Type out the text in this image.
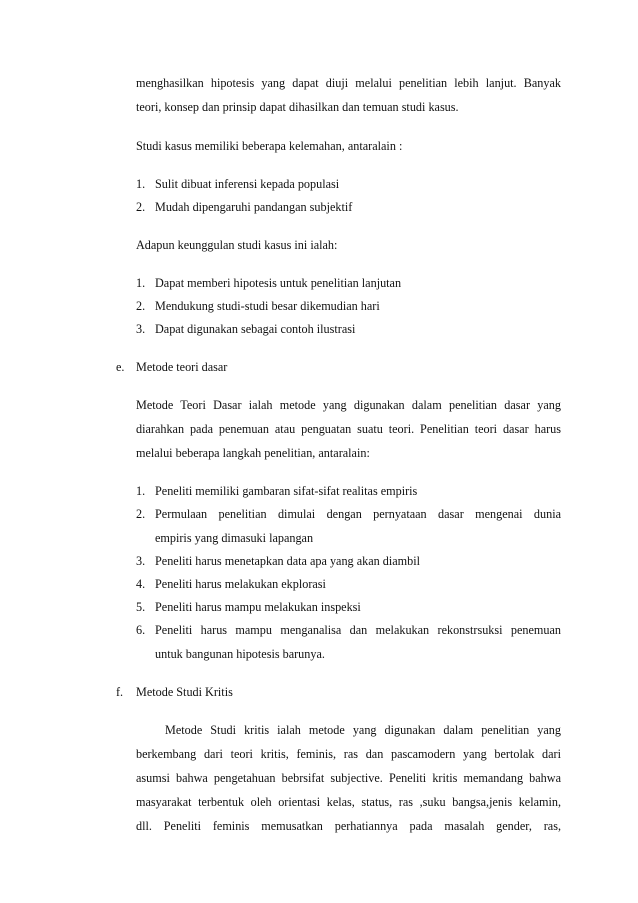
menghasilkan hipotesis yang dapat diuji melalui penelitian lebih lanjut. Banyak

teori, konsep dan prinsip dapat dihasilkan dan temuan studi kasus.

Studi kasus memiliki beberapa kelemahan, antaralain :

1. Sulit dibuat inferensi kepada populasi

2. Mudah dipengaruhi pandangan subjektif

Adapun keunggulan studi kasus ini ialah:

1. Dapat memberi hipotesis untuk penelitian lanjutan

2. Mendukung studi-studi besar dikemudian hari

3. Dapat digunakan sebagai contoh ilustrasi

e. Metode teori dasar

Metode Teori Dasar ialah metode yang digunakan dalam penelitian dasar yang

diarahkan pada penemuan atau penguatan suatu teori. Penelitian teori dasar harus

melalui beberapa langkah penelitian, antaralain:

1. Peneliti memiliki gambaran sifat-sifat realitas empiris

2. Permulaan penelitian dimulai dengan pernyataan dasar mengenai dunia

empiris yang dimasuki lapangan

3. Peneliti harus menetapkan data apa yang akan diambil

4. Peneliti harus melakukan ekplorasi

5. Peneliti harus mampu melakukan inspeksi

6. Peneliti harus mampu menganalisa dan melakukan rekonstrsuksi penemuan

untuk bangunan hipotesis barunya.

f. Metode Studi Kritis

Metode Studi kritis ialah metode yang digunakan dalam penelitian yang

berkembang dari teori kritis, feminis, ras dan pascamodern yang bertolak dari

asumsi bahwa pengetahuan bebrsifat subjective. Peneliti kritis memandang bahwa

masyarakat terbentuk oleh orientasi kelas, status, ras ,suku bangsa,jenis kelamin,

dll. Peneliti feminis memusatkan perhatiannya pada masalah gender, ras,
